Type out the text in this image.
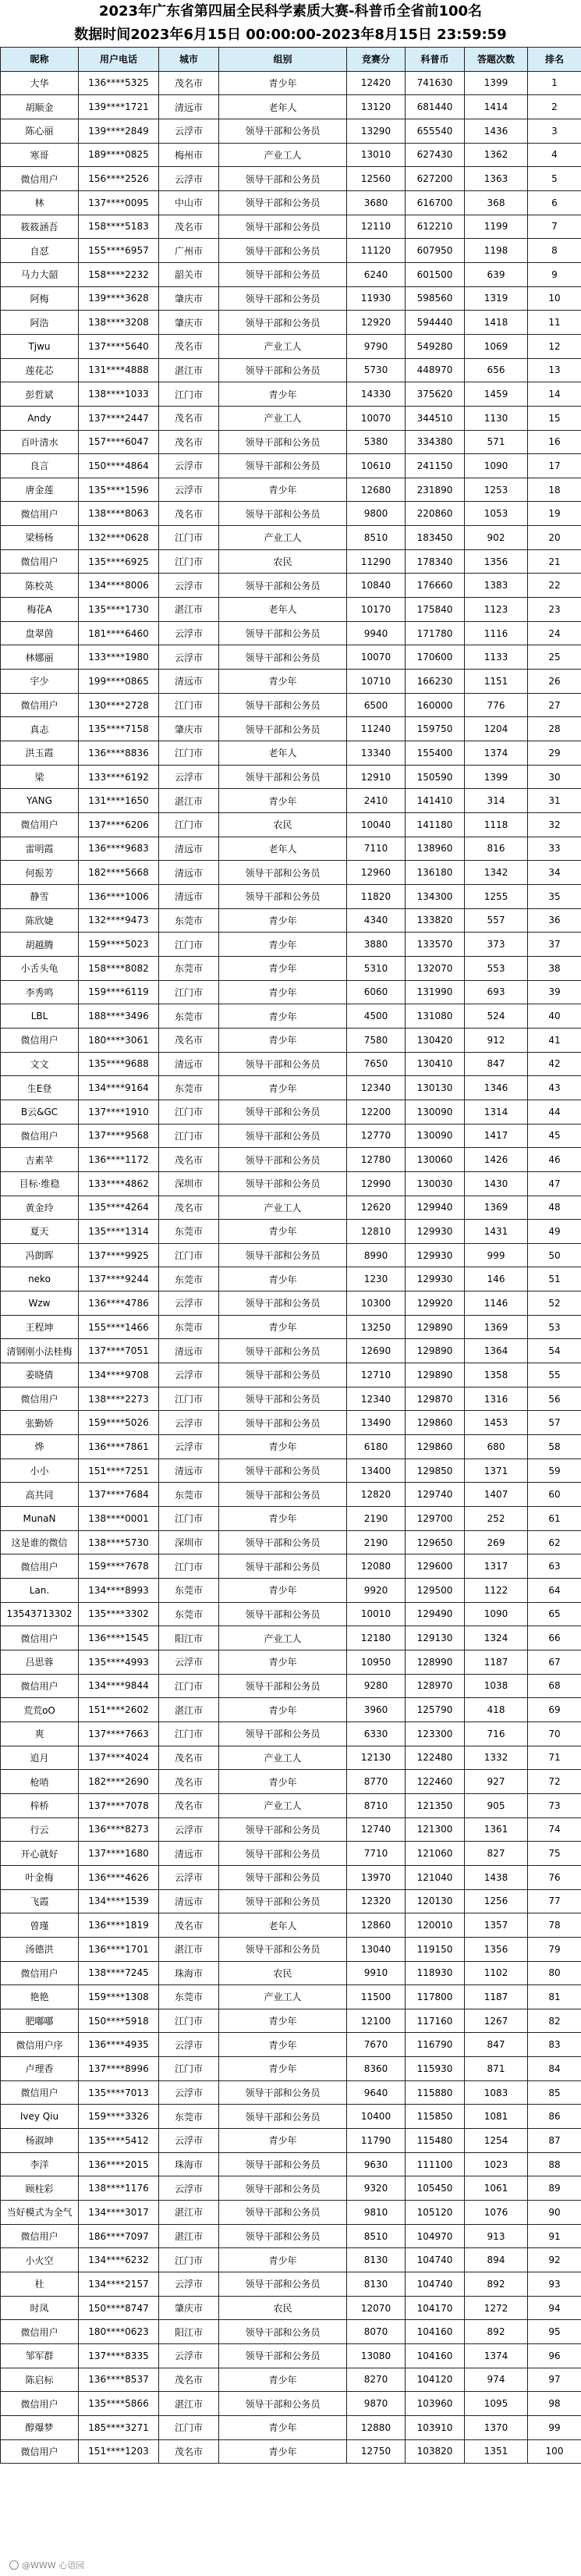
2023年广东省第四届全民科学素质大赛-科普币全省前100名
数据时间2023年6月15日 00:00:00-2023年8月15日 23:59:59
昵称	用户电话	城市	组别	竞赛分	科普币	答题次数	排名
大华	136****5325	茂名市	青少年	12420	741630	1399	1
胡顺金	139****1721	清远市	老年人	13120	681440	1414	2
陈心丽	139****2849	云浮市	领导干部和公务员	13290	655540	1436	3
寒哥	189****0825	梅州市	产业工人	13010	627430	1362	4
微信用户	156****2526	云浮市	领导干部和公务员	12560	627200	1363	5
林	137****0095	中山市	领导干部和公务员	3680	616700	368	6
筱筱涵吾	158****5183	茂名市	领导干部和公务员	12110	612210	1199	7
自怼	155****6957	广州市	领导干部和公务员	11120	607950	1198	8
马力大韶	158****2232	韶关市	领导干部和公务员	6240	601500	639	9
阿梅	139****3628	肇庆市	领导干部和公务员	11930	598560	1319	10
阿浩	138****3208	肇庆市	领导干部和公务员	12920	594440	1418	11
Tjwu	137****5640	茂名市	产业工人	9790	549280	1069	12
莲花芯	131****4888	湛江市	领导干部和公务员	5730	448970	656	13
彭哲斌	138****1033	江门市	青少年	14330	375620	1459	14
Andy	137****2447	茂名市	产业工人	10070	344510	1130	15
百叶清水	157****6047	茂名市	领导干部和公务员	5380	334380	571	16
良言	150****4864	云浮市	领导干部和公务员	10610	241150	1090	17
唐金莲	135****1596	云浮市	青少年	12680	231890	1253	18
微信用户	138****8063	茂名市	领导干部和公务员	9800	220860	1053	19
梁杨杨	132****0628	江门市	产业工人	8510	183450	902	20
微信用户	135****6925	江门市	农民	11290	178340	1356	21
陈校英	134****8006	云浮市	领导干部和公务员	10840	176660	1383	22
梅花A	135****1730	湛江市	老年人	10170	175840	1123	23
盘翠茵	181****6460	云浮市	领导干部和公务员	9940	171780	1116	24
林娜丽	133****1980	云浮市	领导干部和公务员	10070	170600	1133	25
宇少	199****0865	清远市	青少年	10710	166230	1151	26
微信用户	130****2728	江门市	领导干部和公务员	6500	160000	776	27
真志	135****7158	肇庆市	领导干部和公务员	11240	159750	1204	28
洪玉霞	136****8836	江门市	老年人	13340	155400	1374	29
梁	133****6192	云浮市	领导干部和公务员	12910	150590	1399	30
YANG	131****1650	湛江市	青少年	2410	141410	314	31
微信用户	137****6206	江门市	农民	10040	141180	1118	32
雷明霞	136****9683	清远市	老年人	7110	138960	816	33
何振芳	182****5668	清远市	领导干部和公务员	12960	136180	1342	34
静雪	136****1006	清远市	领导干部和公务员	11820	134300	1255	35
陈欣婕	132****9473	东莞市	青少年	4340	133820	557	36
胡越腾	159****5023	江门市	青少年	3880	133570	373	37
小舌头龟	158****8082	东莞市	青少年	5310	132070	553	38
李秀鸣	159****6119	江门市	青少年	6060	131990	693	39
LBL	188****3496	东莞市	青少年	4500	131080	524	40
微信用户	180****3061	茂名市	青少年	7580	130420	912	41
文文	135****9688	清远市	领导干部和公务员	7650	130410	847	42
生E登	134****9164	东莞市	青少年	12340	130130	1346	43
B云&GC	137****1910	江门市	领导干部和公务员	12200	130090	1314	44
微信用户	137****9568	江门市	领导干部和公务员	12770	130090	1417	45
吉素苹	136****1172	茂名市	领导干部和公务员	12780	130060	1426	46
目标·维稳	133****4862	深圳市	领导干部和公务员	12990	130030	1430	47
黄金玲	135****4264	茂名市	产业工人	12620	129940	1369	48
夏天	135****1314	东莞市	青少年	12810	129930	1431	49
冯朗晖	137****9925	江门市	领导干部和公务员	8990	129930	999	50
neko	137****9244	东莞市	青少年	1230	129930	146	51
Wzw	136****4786	云浮市	领导干部和公务员	10300	129920	1146	52
王程坤	155****1466	东莞市	青少年	13250	129890	1369	53
清钢刚小法桂梅	137****7051	清远市	领导干部和公务员	12690	129890	1364	54
姜晓倩	134****9708	云浮市	领导干部和公务员	12710	129890	1358	55
微信用户	138****2273	江门市	领导干部和公务员	12340	129870	1316	56
张勤娇	159****5026	云浮市	领导干部和公务员	13490	129860	1453	57
烨	136****7861	云浮市	青少年	6180	129860	680	58
小小	151****7251	清远市	领导干部和公务员	13400	129850	1371	59
高共同	137****7684	东莞市	领导干部和公务员	12820	129740	1407	60
MunaN	138****0001	江门市	青少年	2190	129700	252	61
这是谁的微信	138****5730	深圳市	领导干部和公务员	2190	129650	269	62
微信用户	159****7678	江门市	领导干部和公务员	12080	129600	1317	63
Lan.	134****8993	东莞市	青少年	9920	129500	1122	64
13543713302	135****3302	东莞市	领导干部和公务员	10010	129490	1090	65
微信用户	136****1545	阳江市	产业工人	12180	129130	1324	66
吕思蓉	135****4993	云浮市	青少年	10950	128990	1187	67
微信用户	134****9844	江门市	领导干部和公务员	9280	128970	1038	68
荒荒oO	151****2602	湛江市	青少年	3960	125790	418	69
爽	137****7663	江门市	领导干部和公务员	6330	123300	716	70
追月	137****4024	茂名市	产业工人	12130	122480	1332	71
枪哨	182****2690	茂名市	青少年	8770	122460	927	72
梓桥	137****7078	茂名市	产业工人	8710	121350	905	73
行云	136****8273	云浮市	领导干部和公务员	12740	121300	1361	74
开心就好	137****1680	清远市	领导干部和公务员	7710	121060	827	75
叶金梅	136****4626	云浮市	领导干部和公务员	13970	121040	1438	76
飞霞	134****1539	清远市	领导干部和公务员	12320	120130	1256	77
曾瑾	136****1819	茂名市	老年人	12860	120010	1357	78
汤德洪	136****1701	湛江市	领导干部和公务员	13040	119150	1356	79
微信用户	138****7245	珠海市	农民	9910	118930	1102	80
艳艳	159****1308	东莞市	产业工人	11500	117800	1187	81
肥嘟嘟	150****5918	江门市	青少年	12100	117160	1267	82
微信用户序	136****4935	云浮市	青少年	7670	116790	847	83
卢理香	137****8996	江门市	青少年	8360	115930	871	84
微信用户	135****7013	云浮市	领导干部和公务员	9640	115880	1083	85
Ivey Qiu	159****3326	东莞市	领导干部和公务员	10400	115850	1081	86
杨淑坤	135****5412	云浮市	青少年	11790	115480	1254	87
李洋	136****2015	珠海市	领导干部和公务员	9630	111100	1023	88
顾柱彩	138****1176	云浮市	领导干部和公务员	9320	105450	1061	89
当好模式为全气	134****3017	湛江市	领导干部和公务员	9810	105120	1076	90
微信用户	186****7097	湛江市	领导干部和公务员	8510	104970	913	91
小火空	134****6232	江门市	青少年	8130	104740	894	92
杜	134****2157	云浮市	领导干部和公务员	8130	104740	892	93
时凤	150****8747	肇庆市	农民	12070	104170	1272	94
微信用户	180****0623	阳江市	领导干部和公务员	8070	104160	892	95
邹军群	137****8335	云浮市	领导干部和公务员	13080	104160	1374	96
陈启标	136****8537	茂名市	青少年	8270	104120	974	97
微信用户	135****5866	湛江市	领导干部和公务员	9870	103960	1095	98
醇爆梦	185****3271	江门市	青少年	12880	103910	1370	99
微信用户	151****1203	茂名市	青少年	12750	103820	1351	100
@WWW 心语园
